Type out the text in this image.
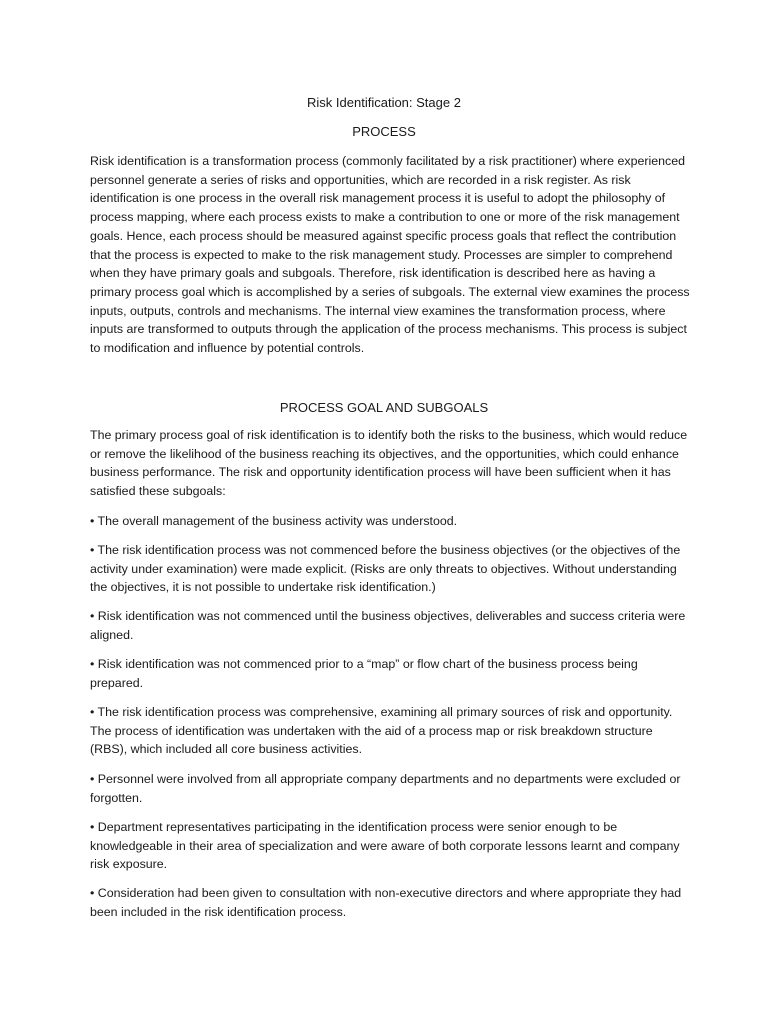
Risk Identification: Stage 2
PROCESS

Risk identification is a transformation process (commonly facilitated by a risk practitioner) where experienced personnel generate a series of risks and opportunities, which are recorded in a risk register. As risk identification is one process in the overall risk management process it is useful to adopt the philosophy of process mapping, where each process exists to make a contribution to one or more of the risk management goals. Hence, each process should be measured against specific process goals that reflect the contribution that the process is expected to make to the risk management study. Processes are simpler to comprehend when they have primary goals and subgoals. Therefore, risk identification is described here as having a primary process goal which is accomplished by a series of subgoals. The external view examines the process inputs, outputs, controls and mechanisms. The internal view examines the transformation process, where inputs are transformed to outputs through the application of the process mechanisms. This process is subject to modification and influence by potential controls.

PROCESS GOAL AND SUBGOALS

The primary process goal of risk identification is to identify both the risks to the business, which would reduce or remove the likelihood of the business reaching its objectives, and the opportunities, which could enhance business performance. The risk and opportunity identification process will have been sufficient when it has satisfied these subgoals:

• The overall management of the business activity was understood.

• The risk identification process was not commenced before the business objectives (or the objectives of the activity under examination) were made explicit. (Risks are only threats to objectives. Without understanding the objectives, it is not possible to undertake risk identification.)

• Risk identification was not commenced until the business objectives, deliverables and success criteria were aligned.

• Risk identification was not commenced prior to a “map” or flow chart of the business process being prepared.

• The risk identification process was comprehensive, examining all primary sources of risk and opportunity. The process of identification was undertaken with the aid of a process map or risk breakdown structure (RBS), which included all core business activities.

• Personnel were involved from all appropriate company departments and no departments were excluded or forgotten.

• Department representatives participating in the identification process were senior enough to be knowledgeable in their area of specialization and were aware of both corporate lessons learnt and company risk exposure.

• Consideration had been given to consultation with non-executive directors and where appropriate they had been included in the risk identification process.
